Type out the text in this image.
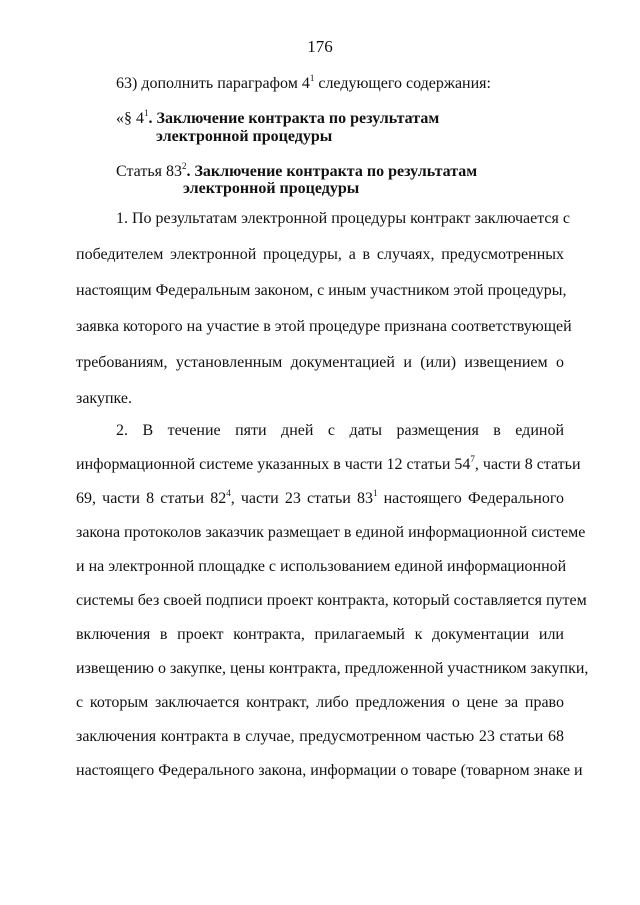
176
63) дополнить параграфом $4^1$ следующего содержания:
«§ $4^1$. Заключение контракта по результатам
электронной процедуры
Статья $83^2$. Заключение контракта по результатам
электронной процедуры
1. По результатам электронной процедуры контракт заключается с
победителем электронной процедуры, а в случаях, предусмотренных
настоящим Федеральным законом, с иным участником этой процедуры,
заявка которого на участие в этой процедуре признана соответствующей
требованиям, установленным документацией и (или) извещением о
закупке.
2. В течение пяти дней с даты размещения в единой
информационной системе указанных в части 12 статьи $54^7$, части 8 статьи
69, части 8 статьи $82^4$, части 23 статьи $83^1$ настоящего Федерального
закона протоколов заказчик размещает в единой информационной системе
и на электронной площадке с использованием единой информационной
системы без своей подписи проект контракта, который составляется путем
включения в проект контракта, прилагаемый к документации или
извещению о закупке, цены контракта, предложенной участником закупки,
с которым заключается контракт, либо предложения о цене за право
заключения контракта в случае, предусмотренном частью 23 статьи 68
настоящего Федерального закона, информации о товаре (товарном знаке и
